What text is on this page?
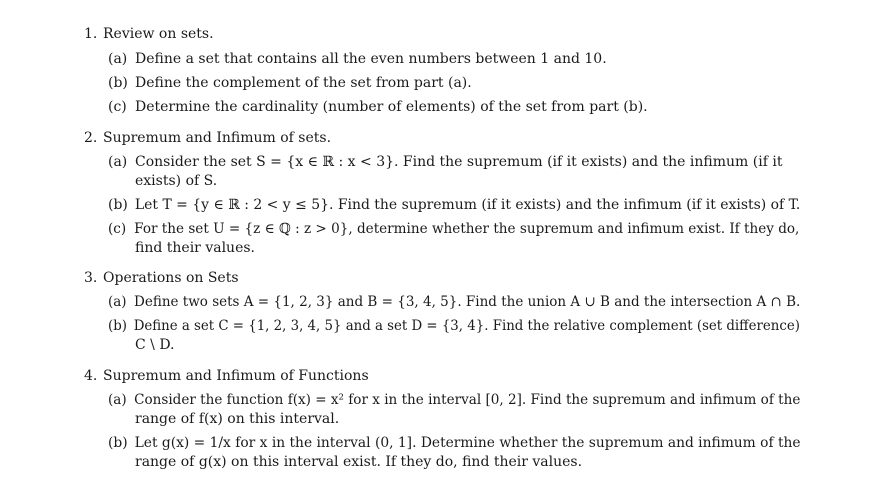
1. Review on sets.
(a) Define a set that contains all the even numbers between 1 and 10.
(b) Define the complement of the set from part (a).
(c) Determine the cardinality (number of elements) of the set from part (b).
2. Supremum and Infimum of sets.
(a) Consider the set S = {x ∈ ℝ : x < 3}. Find the supremum (if it exists) and the infimum (if it
exists) of S.
(b) Let T = {y ∈ ℝ : 2 < y ≤ 5}. Find the supremum (if it exists) and the infimum (if it exists) of T.
(c) For the set U = {z ∈ ℚ : z > 0}, determine whether the supremum and infimum exist. If they do,
find their values.
3. Operations on Sets
(a) Define two sets A = {1, 2, 3} and B = {3, 4, 5}. Find the union A ∪ B and the intersection A ∩ B.
(b) Define a set C = {1, 2, 3, 4, 5} and a set D = {3, 4}. Find the relative complement (set difference)
C \ D.
4. Supremum and Infimum of Functions
(a) Consider the function f(x) = x² for x in the interval [0, 2]. Find the supremum and infimum of the
range of f(x) on this interval.
(b) Let g(x) = 1/x for x in the interval (0, 1]. Determine whether the supremum and infimum of the
range of g(x) on this interval exist. If they do, find their values.
